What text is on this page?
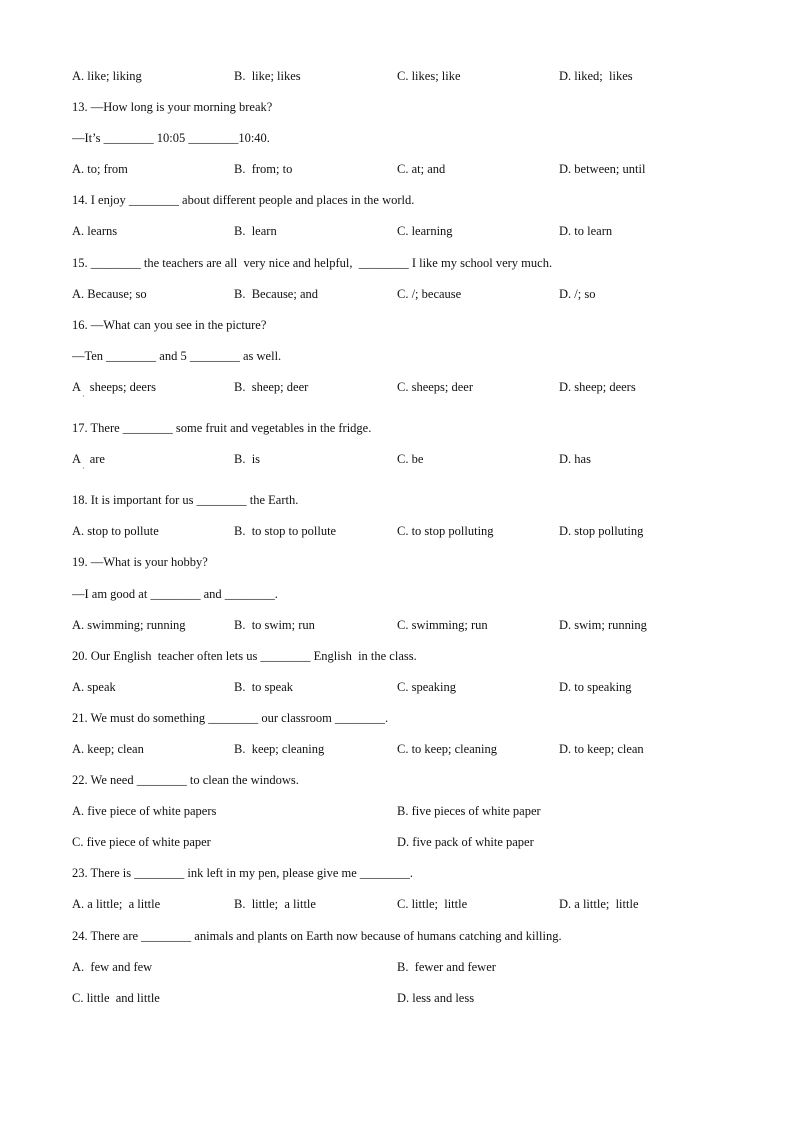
A. like; liking	B.  like; likes	C. likes; like	D. liked;  likes
13. —How long is your morning break?
—It’s ________ 10:05 ________10:40.
A. to; from	B.  from; to	C. at; and	D. between; until
14. I enjoy ________ about different people and places in the world.
A. learns	B.  learn	C. learning	D. to learn
15. ________ the teachers are all  very nice and helpful,  ________ I like my school very much.
A. Because; so	B.  Because; and	C. /; because	D. /; so
16. —What can you see in the picture?
—Ten ________ and 5 ________ as well.
A   sheeps; deers	B.  sheep; deer	C. sheeps; deer	D. sheep; deers
·
17. There ________ some fruit and vegetables in the fridge.
A   are	B.  is	C. be	D. has
·
18. It is important for us ________ the Earth.
A. stop to pollute	B.  to stop to pollute	C. to stop polluting	D. stop polluting
19. —What is your hobby?
—I am good at ________ and ________.
A. swimming; running	B.  to swim; run	C. swimming; run	D. swim; running
20. Our English  teacher often lets us ________ English  in the class.
A. speak	B.  to speak	C. speaking	D. to speaking
21. We must do something ________ our classroom ________.
A. keep; clean	B.  keep; cleaning	C. to keep; cleaning	D. to keep; clean
22. We need ________ to clean the windows.
A. five piece of white papers	B. five pieces of white paper
C. five piece of white paper	D. five pack of white paper
23. There is ________ ink left in my pen, please give me ________.
A. a little;  a little	B.  little;  a little	C. little;  little	D. a little;  little
24. There are ________ animals and plants on Earth now because of humans catching and killing.
A.  few and few	B.  fewer and fewer
C. little  and little	D. less and less
